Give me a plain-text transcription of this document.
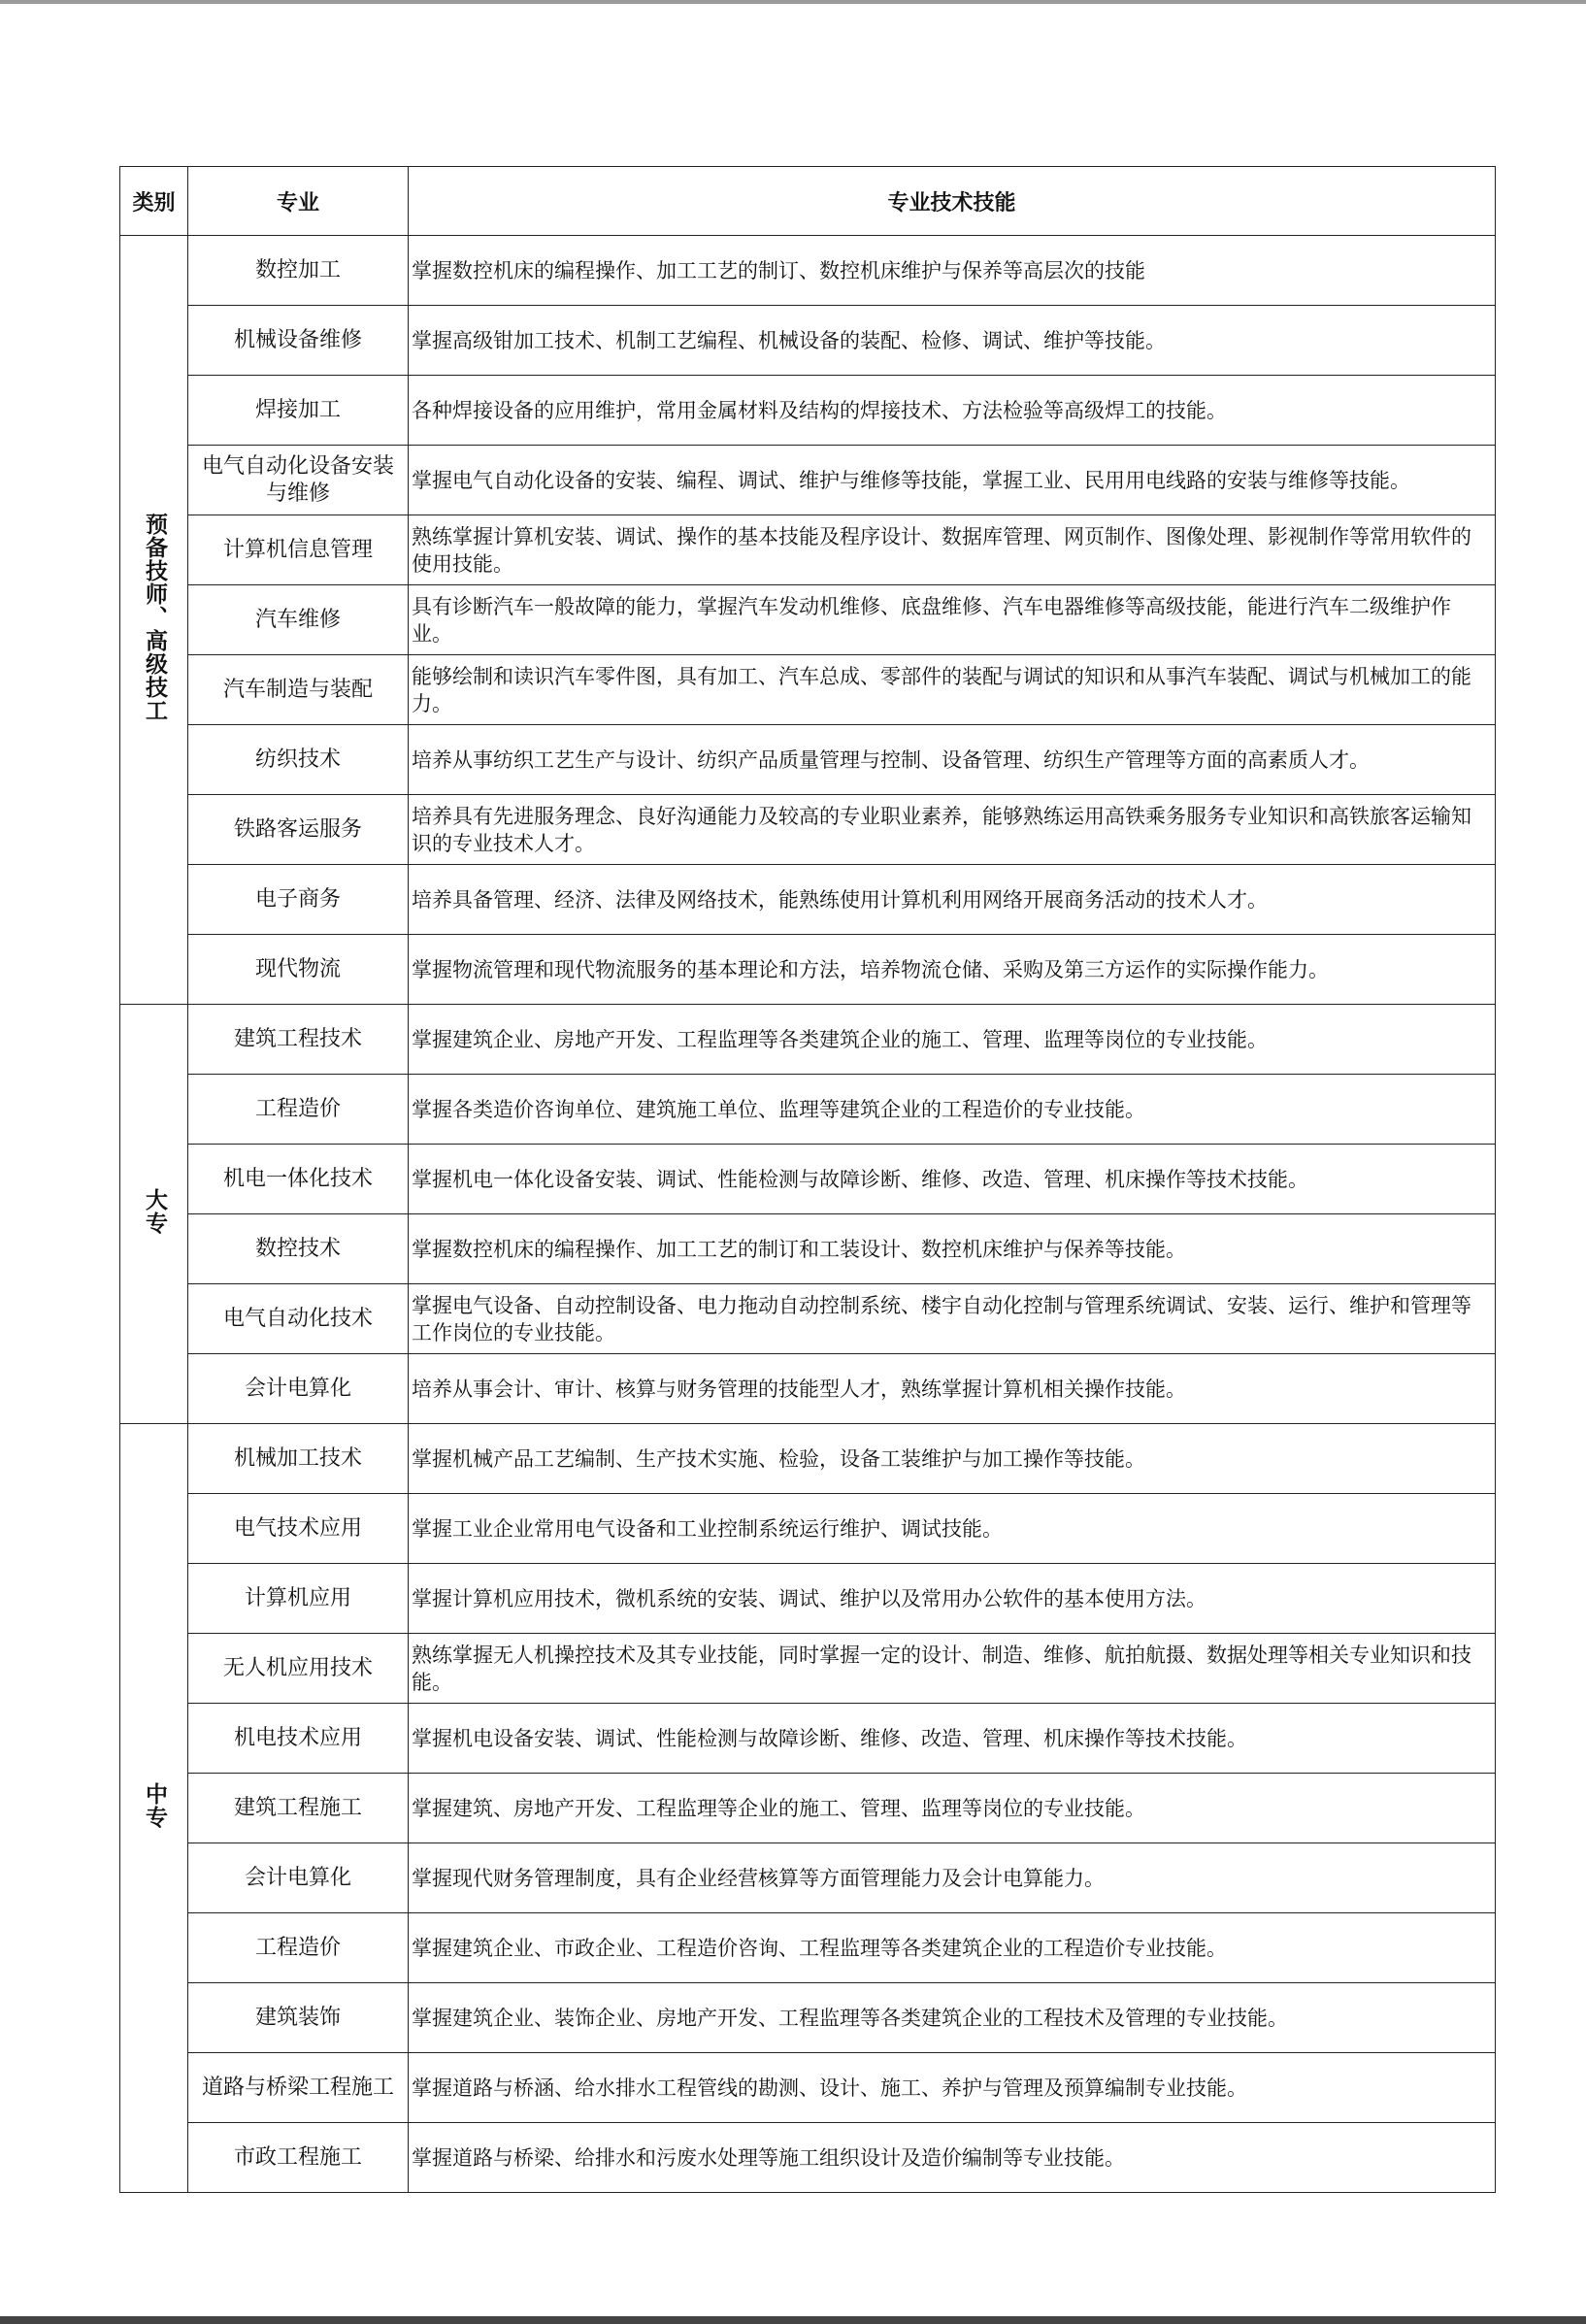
类别	专业	专业技术技能
预备技师、高级技工	数控加工	掌握数控机床的编程操作、加工工艺的制订、数控机床维护与保养等高层次的技能
	机械设备维修	掌握高级钳加工技术、机制工艺编程、机械设备的装配、检修、调试、维护等技能。
	焊接加工	各种焊接设备的应用维护，常用金属材料及结构的焊接技术、方法检验等高级焊工的技能。
	电气自动化设备安装与维修	掌握电气自动化设备的安装、编程、调试、维护与维修等技能，掌握工业、民用用电线路的安装与维修等技能。
	计算机信息管理	熟练掌握计算机安装、调试、操作的基本技能及程序设计、数据库管理、网页制作、图像处理、影视制作等常用软件的使用技能。
	汽车维修	具有诊断汽车一般故障的能力，掌握汽车发动机维修、底盘维修、汽车电器维修等高级技能，能进行汽车二级维护作业。
	汽车制造与装配	能够绘制和读识汽车零件图，具有加工、汽车总成、零部件的装配与调试的知识和从事汽车装配、调试与机械加工的能力。
	纺织技术	培养从事纺织工艺生产与设计、纺织产品质量管理与控制、设备管理、纺织生产管理等方面的高素质人才。
	铁路客运服务	培养具有先进服务理念、良好沟通能力及较高的专业职业素养，能够熟练运用高铁乘务服务专业知识和高铁旅客运输知识的专业技术人才。
	电子商务	培养具备管理、经济、法律及网络技术，能熟练使用计算机利用网络开展商务活动的技术人才。
	现代物流	掌握物流管理和现代物流服务的基本理论和方法，培养物流仓储、采购及第三方运作的实际操作能力。
大专	建筑工程技术	掌握建筑企业、房地产开发、工程监理等各类建筑企业的施工、管理、监理等岗位的专业技能。
	工程造价	掌握各类造价咨询单位、建筑施工单位、监理等建筑企业的工程造价的专业技能。
	机电一体化技术	掌握机电一体化设备安装、调试、性能检测与故障诊断、维修、改造、管理、机床操作等技术技能。
	数控技术	掌握数控机床的编程操作、加工工艺的制订和工装设计、数控机床维护与保养等技能。
	电气自动化技术	掌握电气设备、自动控制设备、电力拖动自动控制系统、楼宇自动化控制与管理系统调试、安装、运行、维护和管理等工作岗位的专业技能。
	会计电算化	培养从事会计、审计、核算与财务管理的技能型人才，熟练掌握计算机相关操作技能。
中专	机械加工技术	掌握机械产品工艺编制、生产技术实施、检验，设备工装维护与加工操作等技能。
	电气技术应用	掌握工业企业常用电气设备和工业控制系统运行维护、调试技能。
	计算机应用	掌握计算机应用技术，微机系统的安装、调试、维护以及常用办公软件的基本使用方法。
	无人机应用技术	熟练掌握无人机操控技术及其专业技能，同时掌握一定的设计、制造、维修、航拍航摄、数据处理等相关专业知识和技能。
	机电技术应用	掌握机电设备安装、调试、性能检测与故障诊断、维修、改造、管理、机床操作等技术技能。
	建筑工程施工	掌握建筑、房地产开发、工程监理等企业的施工、管理、监理等岗位的专业技能。
	会计电算化	掌握现代财务管理制度，具有企业经营核算等方面管理能力及会计电算能力。
	工程造价	掌握建筑企业、市政企业、工程造价咨询、工程监理等各类建筑企业的工程造价专业技能。
	建筑装饰	掌握建筑企业、装饰企业、房地产开发、工程监理等各类建筑企业的工程技术及管理的专业技能。
	道路与桥梁工程施工	掌握道路与桥涵、给水排水工程管线的勘测、设计、施工、养护与管理及预算编制专业技能。
	市政工程施工	掌握道路与桥梁、给排水和污废水处理等施工组织设计及造价编制等专业技能。
